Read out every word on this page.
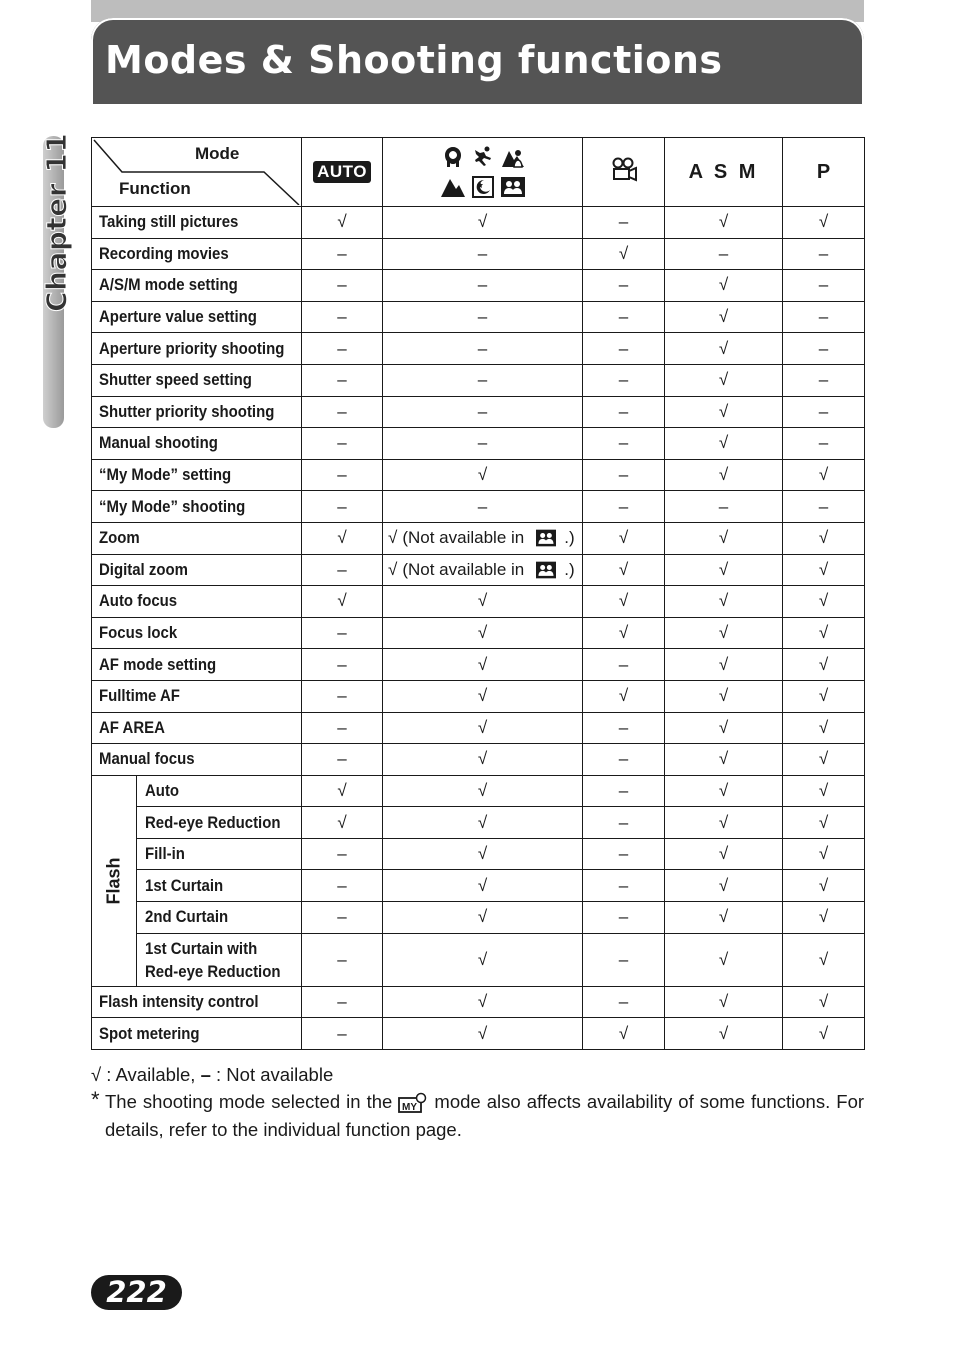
Modes & Shooting functions
Chapter 11	Mode
Function		AUTO			A S M	P
Taking still pictures		√	√	–	√	√
Recording movies		–	–	√	–	–
A/S/M mode setting		–	–	–	√	–
Aperture value setting		–	–	–	√	–
Aperture priority shooting		–	–	–	√	–
Shutter speed setting		–	–	–	√	–
Shutter priority shooting		–	–	–	√	–
Manual shooting		–	–	–	√	–
“My Mode” setting		–	√	–	√	√
“My Mode” shooting		–	–	–	–	–
Zoom		√	√ (Not available in .)	√	√	√
Digital zoom		–	√ (Not available in .)	√	√	√
Auto focus		√	√	√	√	√
Focus lock		–	√	√	√	√
AF mode setting		–	√	–	√	√
Fulltime AF		–	√	√	√	√
AF AREA		–	√	–	√	√
Manual focus		–	√	–	√	√

Flash	Auto	√	√	–	√	√
	Red-eye Reduction	√	√	–	√	√
	Fill-in	–	√	–	√	√
	1st Curtain	–	√	–	√	√
	2nd Curtain	–	√	–	√	√
	1st Curtain with
Red-eye Reduction	–	√	–	√	√
Flash intensity control		–	√	–	√	√
Spot metering		–	√	√	√	√
√ : Available, – : Not available
* The shooting mode selected in the MY mode also affects availability of some functions. For details, refer to the individual function page.

222
